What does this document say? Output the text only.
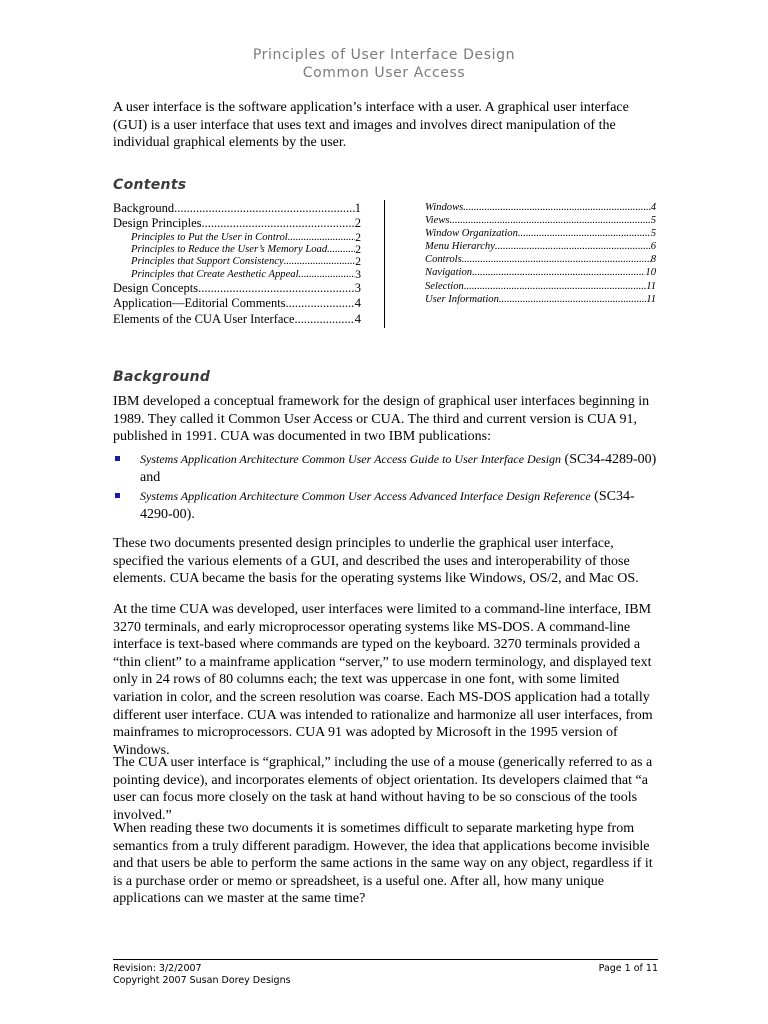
Principles of User Interface Design
Common User Access

A user interface is the software application’s interface with a user. A graphical user interface (GUI) is a user interface that uses text and images and involves direct manipulation of the individual graphical elements by the user.

Contents
Background .....	1
Design Principles .....	2
Principles to Put the User in Control .....	2
Principles to Reduce the User’s Memory Load ..... 2
Principles that Support Consistency .....	2
Principles that Create Aesthetic Appeal .....	3
Design Concepts .....	3
Application—Editorial Comments .....	4
Elements of the CUA User Interface .....	4
Windows .....	4
Views .....	5
Window Organization .....	5
Menu Hierarchy .....	6
Controls .....	8
Navigation .....	10
Selection .....	11
User Information .....	11
Background

IBM developed a conceptual framework for the design of graphical user interfaces beginning in 1989. They called it Common User Access or CUA. The third and current version is CUA 91, published in 1991. CUA was documented in two IBM publications:

Systems Application Architecture Common User Access Guide to User Interface Design (SC34-4289-00) and
Systems Application Architecture Common User Access Advanced Interface Design Reference (SC34-4290-00).

These two documents presented design principles to underlie the graphical user interface, specified the various elements of a GUI, and described the uses and interoperability of those elements. CUA became the basis for the operating systems like Windows, OS/2, and Mac OS.

At the time CUA was developed, user interfaces were limited to a command-line interface, IBM 3270 terminals, and early microprocessor operating systems like MS-DOS. A command-line interface is text-based where commands are typed on the keyboard. 3270 terminals provided a “thin client” to a mainframe application “server,” to use modern terminology, and displayed text only in 24 rows of 80 columns each; the text was uppercase in one font, with some limited variation in color, and the screen resolution was coarse. Each MS-DOS application had a totally different user interface. CUA was intended to rationalize and harmonize all user interfaces, from mainframes to microprocessors. CUA 91 was adopted by Microsoft in the 1995 version of Windows.

The CUA user interface is “graphical,” including the use of a mouse (generically referred to as a pointing device), and incorporates elements of object orientation. Its developers claimed that “a user can focus more closely on the task at hand without having to be so conscious of the tools involved.”

When reading these two documents it is sometimes difficult to separate marketing hype from semantics from a truly different paradigm. However, the idea that applications become invisible and that users be able to perform the same actions in the same way on any object, regardless if it is a purchase order or memo or spreadsheet, is a useful one. After all, how many unique applications can we master at the same time?

Revision: 3/2/2007
Copyright 2007 Susan Dorey Designs
Page 1 of 11
